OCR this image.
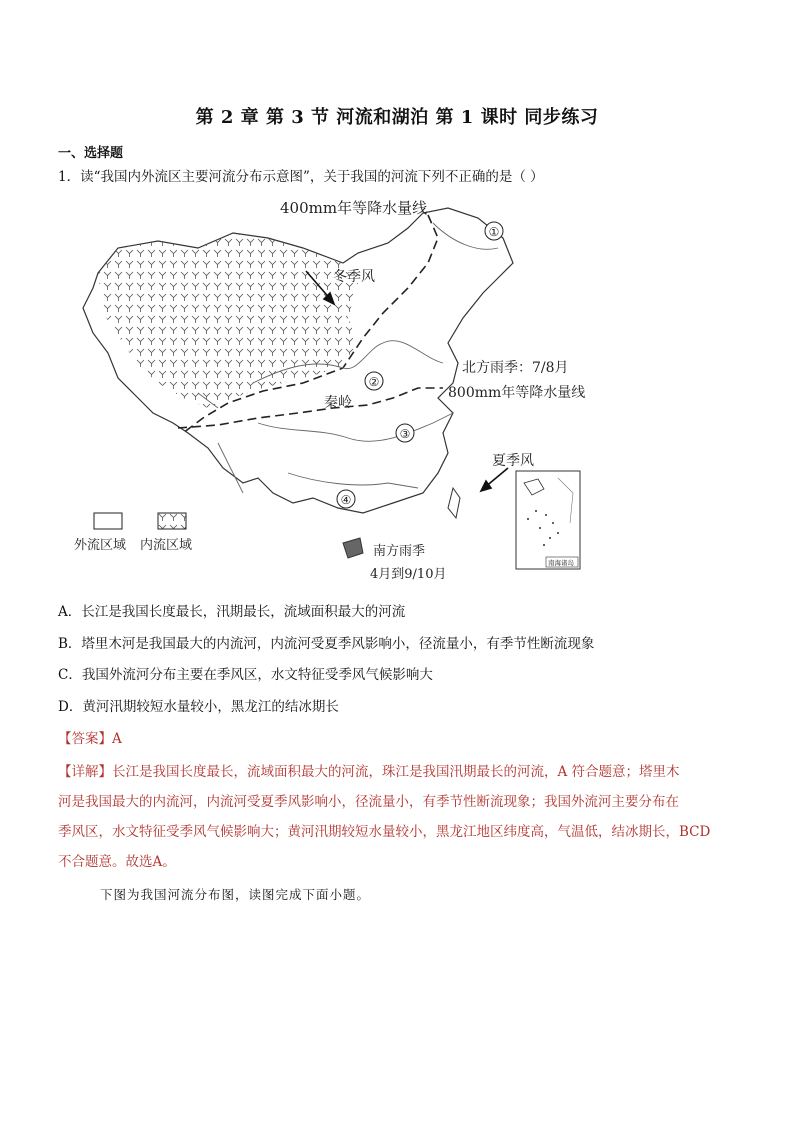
第 2 章 第 3 节 河流和湖泊 第 1 课时 同步练习
一、选择题
1．读“我国内外流区主要河流分布示意图”，关于我国的河流下列不正确的是（ ）
①
②
③
④
400mm年等降水量线
冬季风
北方雨季：7/8月
800mm年等降水量线
秦岭
夏季风
南方雨季
4月到9/10月
外流区域 内流区域
南海诸岛
A．长江是我国长度最长，汛期最长，流域面积最大的河流
B．塔里木河是我国最大的内流河，内流河受夏季风影响小，径流量小，有季节性断流现象
C．我国外流河分布主要在季风区，水文特征受季风气候影响大
D．黄河汛期较短水量较小，黑龙江的结冰期长
【答案】A
【详解】长江是我国长度最长，流域面积最大的河流，珠江是我国汛期最长的河流，A 符合题意；塔里木
河是我国最大的内流河，内流河受夏季风影响小，径流量小，有季节性断流现象；我国外流河主要分布在
季风区，水文特征受季风气候影响大；黄河汛期较短水量较小，黑龙江地区纬度高，气温低，结冰期长，BCD
不合题意。故选A。
下图为我国河流分布图，读图完成下面小题。
